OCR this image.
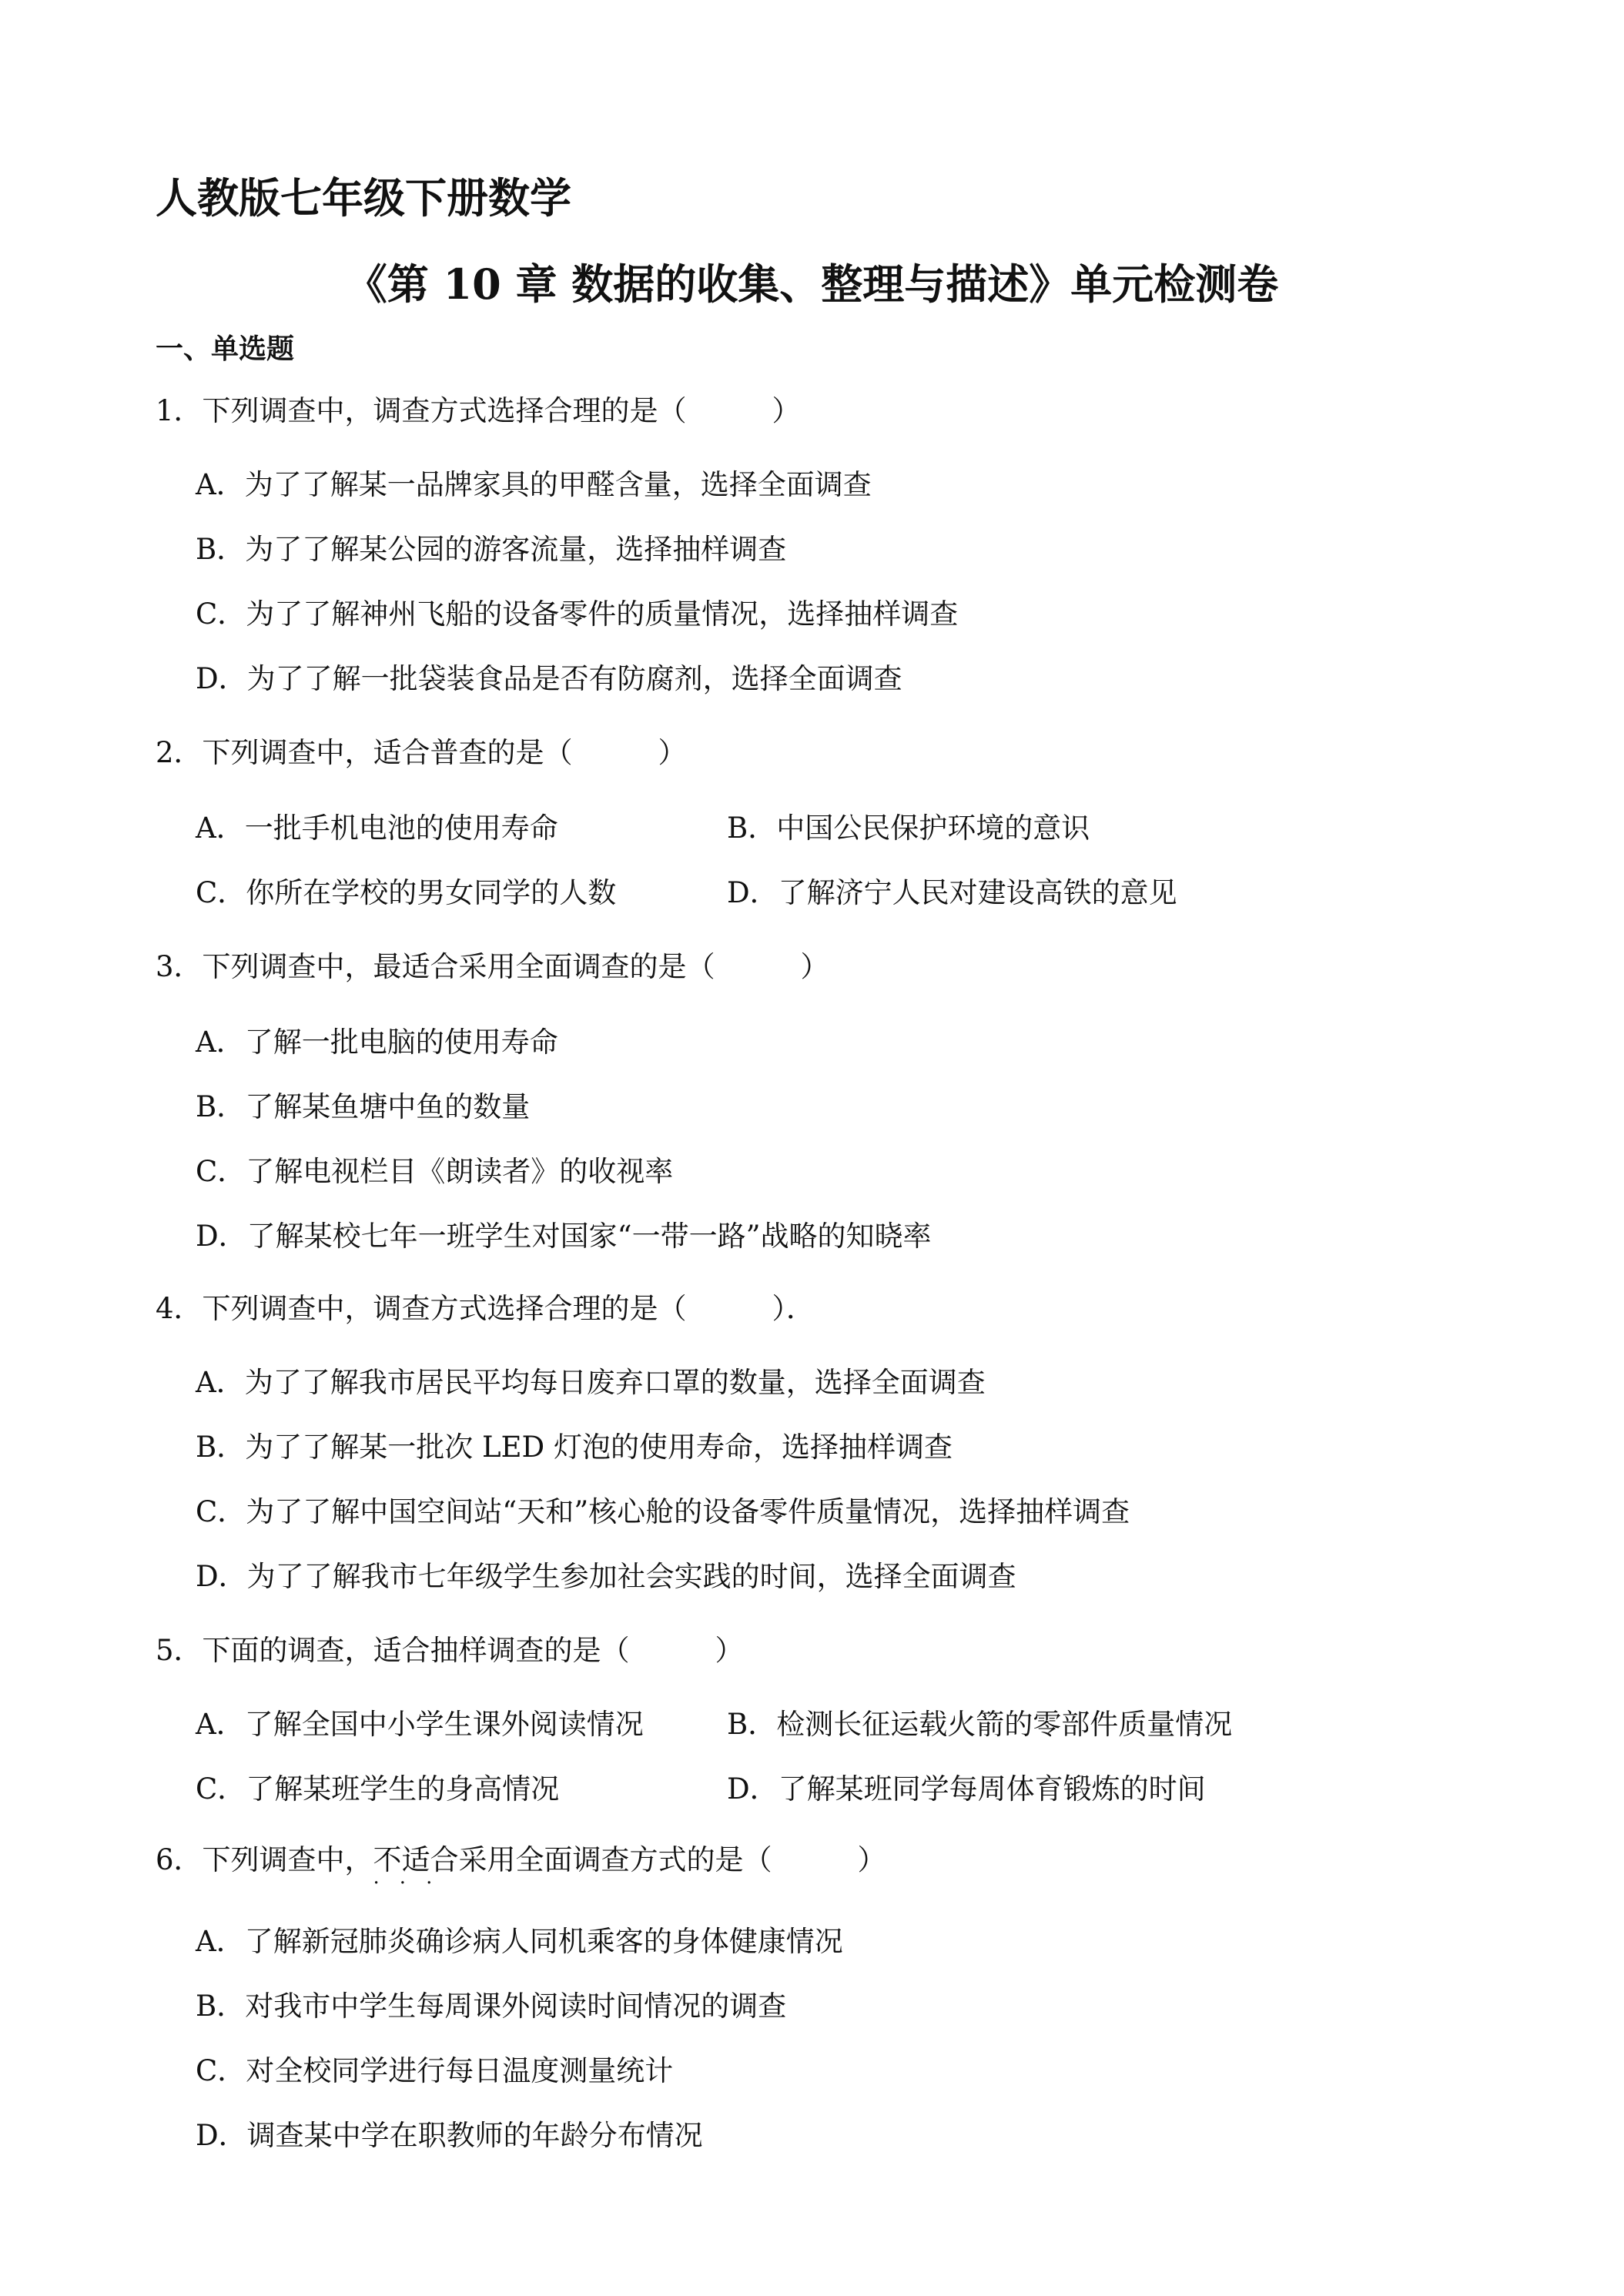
人教版七年级下册数学
《第 10 章 数据的收集、整理与描述》单元检测卷
一、单选题
1．下列调查中，调查方式选择合理的是（　　　）
A．为了了解某一品牌家具的甲醛含量，选择全面调查
B．为了了解某公园的游客流量，选择抽样调查
C．为了了解神州飞船的设备零件的质量情况，选择抽样调查
D．为了了解一批袋装食品是否有防腐剂，选择全面调查
2．下列调查中，适合普查的是（　　　）
A．一批手机电池的使用寿命	B．中国公民保护环境的意识
C．你所在学校的男女同学的人数	D．了解济宁人民对建设高铁的意见
3．下列调查中，最适合采用全面调查的是（　　　）
A．了解一批电脑的使用寿命
B．了解某鱼塘中鱼的数量
C．了解电视栏目《朗读者》的收视率
D．了解某校七年一班学生对国家“一带一路”战略的知晓率
4．下列调查中，调查方式选择合理的是（　　　）．
A．为了了解我市居民平均每日废弃口罩的数量，选择全面调查
B．为了了解某一批次 LED 灯泡的使用寿命，选择抽样调查
C．为了了解中国空间站“天和”核心舱的设备零件质量情况，选择抽样调查
D．为了了解我市七年级学生参加社会实践的时间，选择全面调查
5．下面的调查，适合抽样调查的是（　　　）
A．了解全国中小学生课外阅读情况	B．检测长征运载火箭的零部件质量情况
C．了解某班学生的身高情况	D．了解某班同学每周体育锻炼的时间
6．下列调查中，不适合 · · ·采用全面调查方式的是（　　　）
A．了解新冠肺炎确诊病人同机乘客的身体健康情况
B．对我市中学生每周课外阅读时间情况的调查
C．对全校同学进行每日温度测量统计
D．调查某中学在职教师的年龄分布情况
